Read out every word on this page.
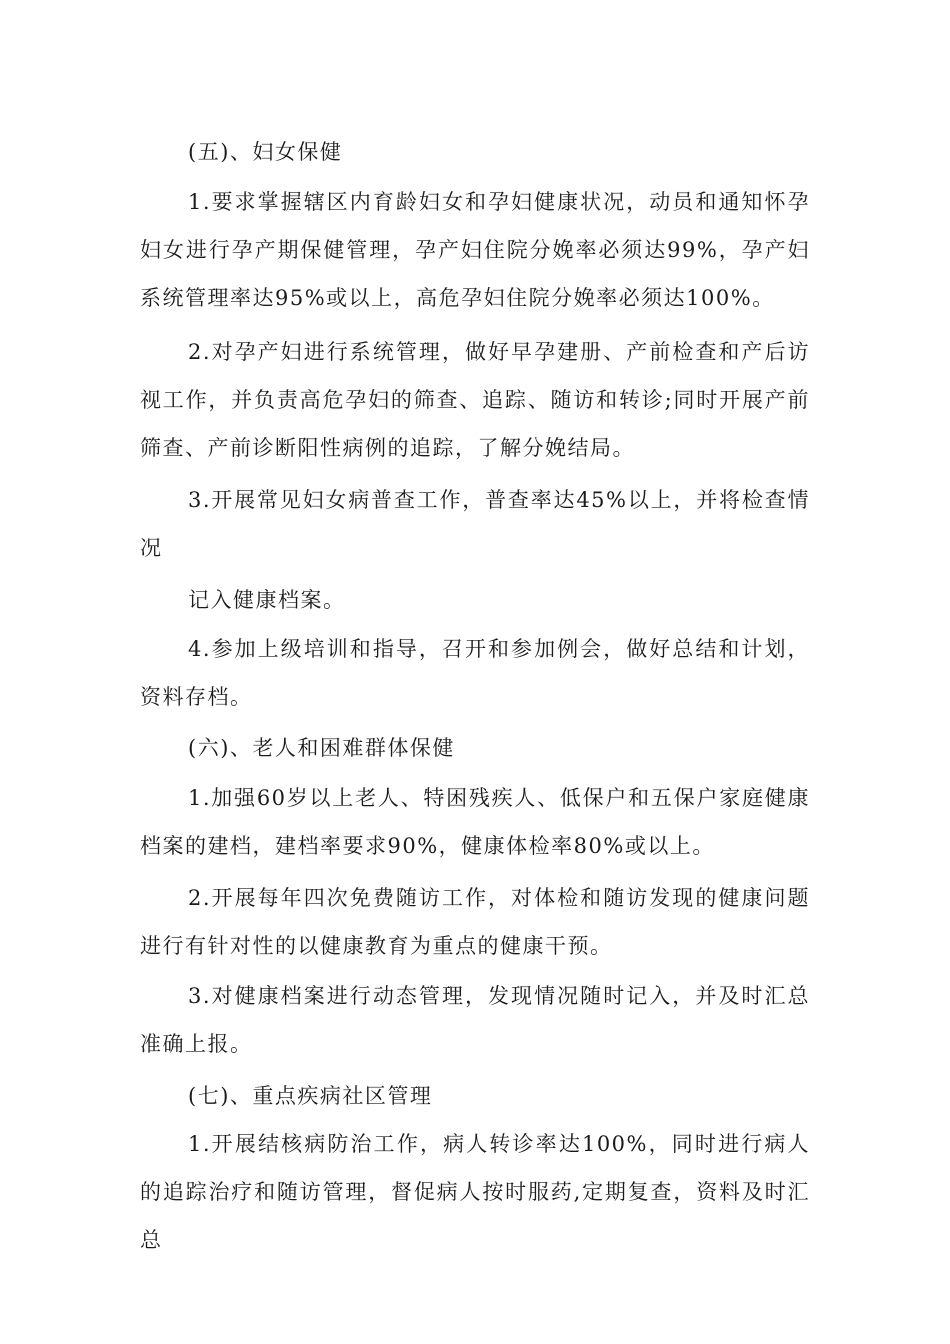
(五)、妇女保健

1.要求掌握辖区内育龄妇女和孕妇健康状况，动员和通知怀孕妇女进行孕产期保健管理，孕产妇住院分娩率必须达99%，孕产妇系统管理率达95%或以上，高危孕妇住院分娩率必须达100%。

2.对孕产妇进行系统管理，做好早孕建册、产前检查和产后访视工作，并负责高危孕妇的筛查、追踪、随访和转诊;同时开展产前筛查、产前诊断阳性病例的追踪，了解分娩结局。

3.开展常见妇女病普查工作，普查率达45%以上，并将检查情况

记入健康档案。

4.参加上级培训和指导，召开和参加例会，做好总结和计划，资料存档。

(六)、老人和困难群体保健

1.加强60岁以上老人、特困残疾人、低保户和五保户家庭健康档案的建档，建档率要求90%，健康体检率80%或以上。

2.开展每年四次免费随访工作，对体检和随访发现的健康问题进行有针对性的以健康教育为重点的健康干预。

3.对健康档案进行动态管理，发现情况随时记入，并及时汇总准确上报。

(七)、重点疾病社区管理

1.开展结核病防治工作，病人转诊率达100%，同时进行病人的追踪治疗和随访管理，督促病人按时服药,定期复查，资料及时汇总
